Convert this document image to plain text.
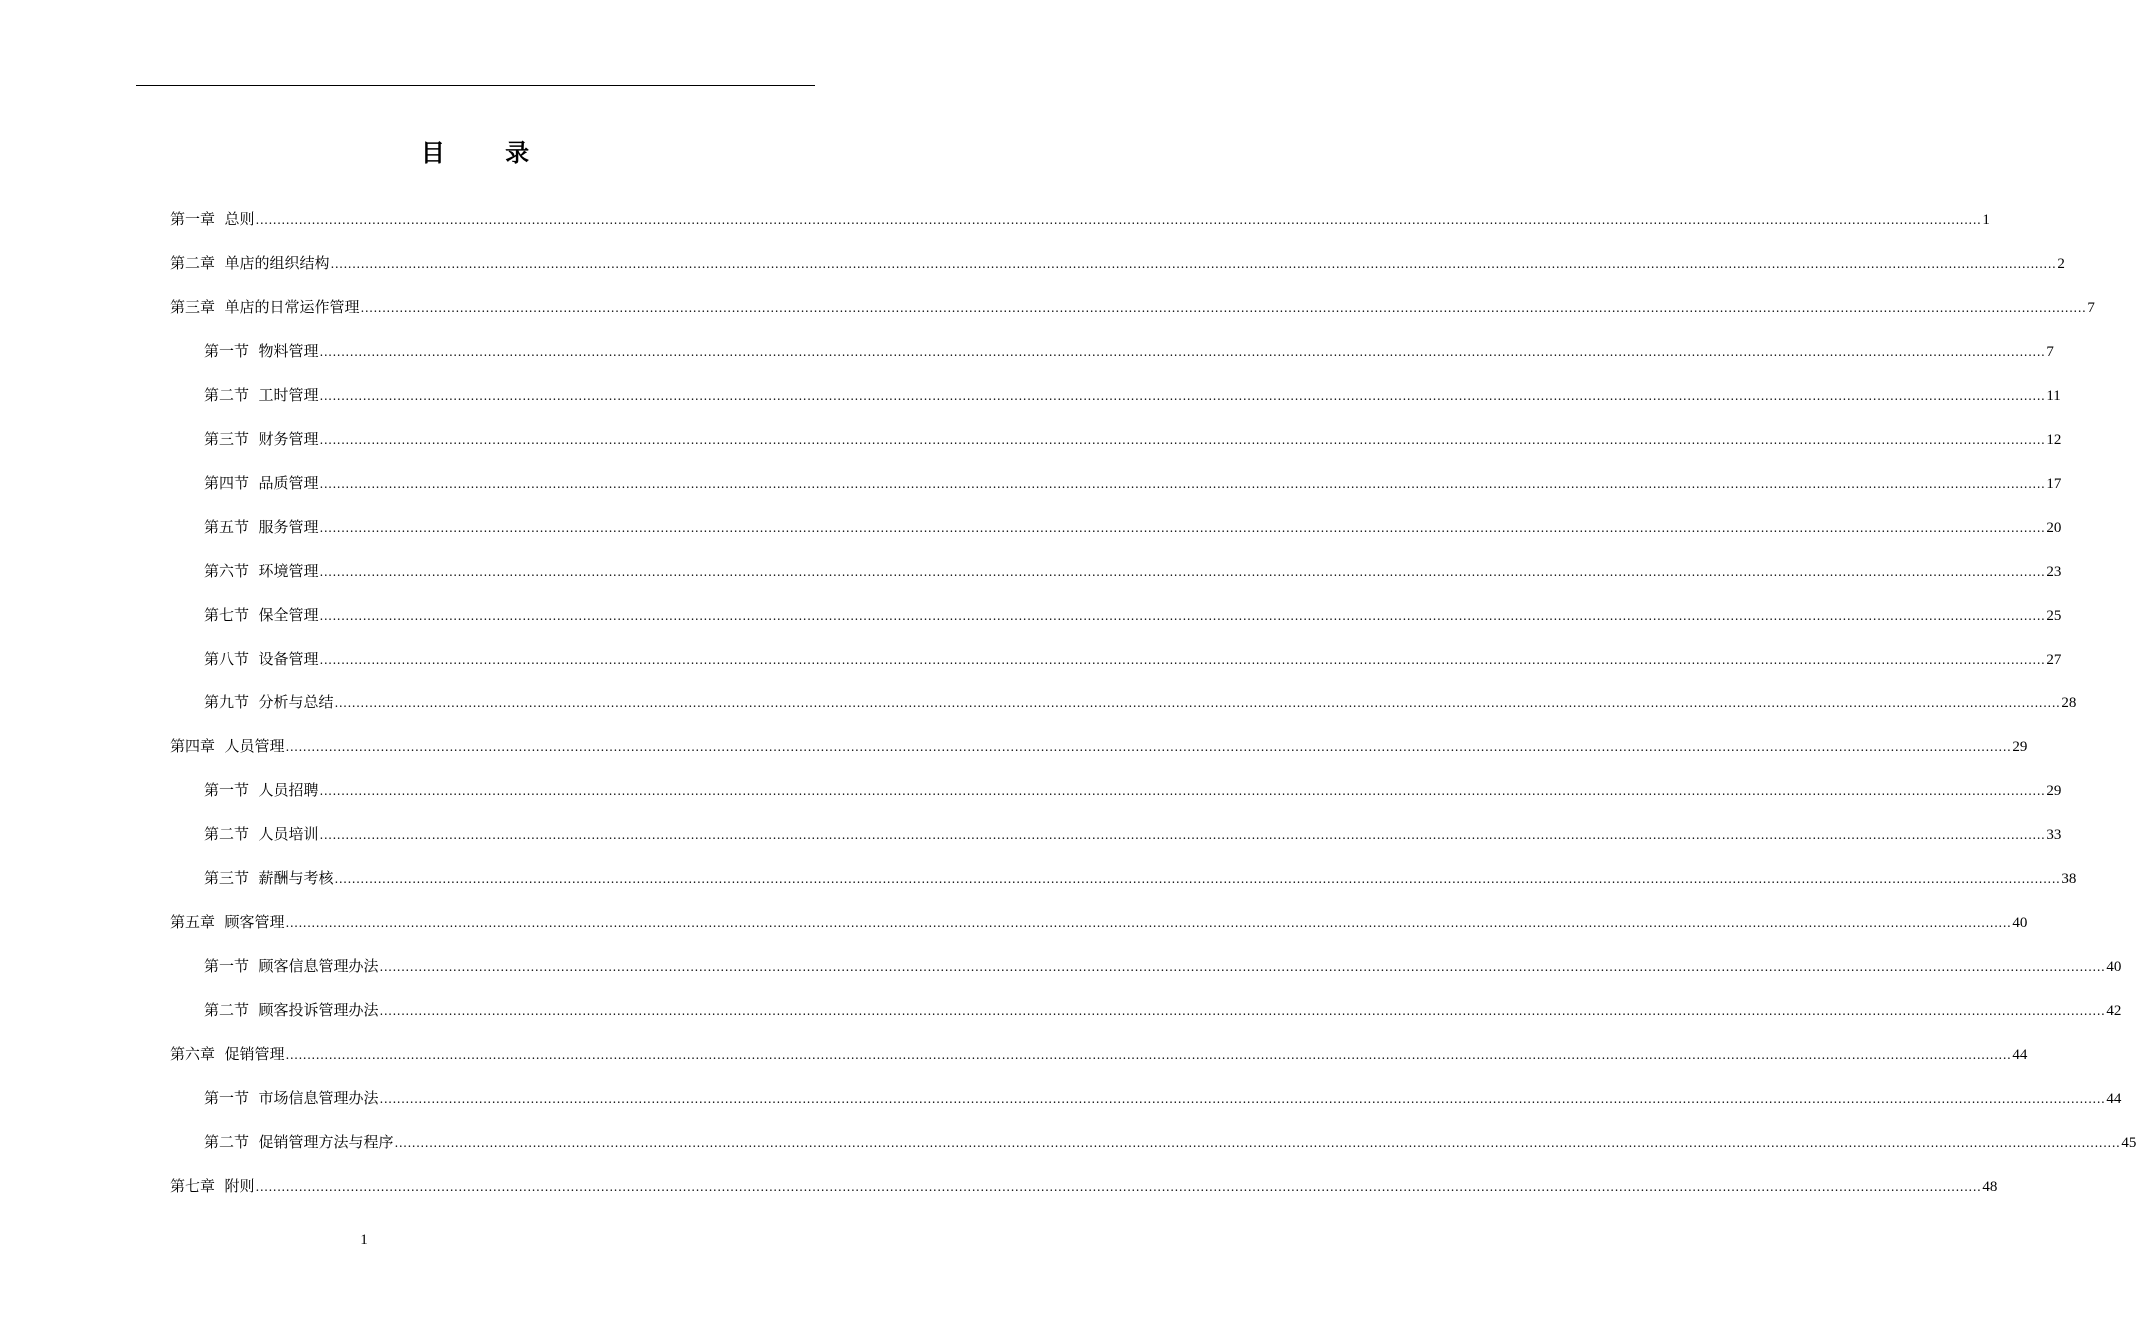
目 录
第一章  总则 ................................................................................................................................................................................................................................................................................................................................................................................................................ 1
第二章  单店的组织结构 ................................................................................................................................................................................................................................................................................................................................................................................................................ 2
第三章  单店的日常运作管理 ................................................................................................................................................................................................................................................................................................................................................................................................................ 7
第一节  物料管理 ................................................................................................................................................................................................................................................................................................................................................................................................................ 7
第二节  工时管理 ................................................................................................................................................................................................................................................................................................................................................................................................................ 11
第三节  财务管理 ................................................................................................................................................................................................................................................................................................................................................................................................................ 12
第四节  品质管理 ................................................................................................................................................................................................................................................................................................................................................................................................................ 17
第五节  服务管理 ................................................................................................................................................................................................................................................................................................................................................................................................................ 20
第六节  环境管理 ................................................................................................................................................................................................................................................................................................................................................................................................................ 23
第七节  保全管理 ................................................................................................................................................................................................................................................................................................................................................................................................................ 25
第八节  设备管理 ................................................................................................................................................................................................................................................................................................................................................................................................................ 27
第九节  分析与总结 ................................................................................................................................................................................................................................................................................................................................................................................................................ 28
第四章  人员管理 ................................................................................................................................................................................................................................................................................................................................................................................................................ 29
第一节  人员招聘 ................................................................................................................................................................................................................................................................................................................................................................................................................ 29
第二节  人员培训 ................................................................................................................................................................................................................................................................................................................................................................................................................ 33
第三节  薪酬与考核 ................................................................................................................................................................................................................................................................................................................................................................................................................ 38
第五章  顾客管理 ................................................................................................................................................................................................................................................................................................................................................................................................................ 40
第一节  顾客信息管理办法 ................................................................................................................................................................................................................................................................................................................................................................................................................ 40
第二节  顾客投诉管理办法 ................................................................................................................................................................................................................................................................................................................................................................................................................ 42
第六章  促销管理 ................................................................................................................................................................................................................................................................................................................................................................................................................ 44
第一节  市场信息管理办法 ................................................................................................................................................................................................................................................................................................................................................................................................................ 44
第二节  促销管理方法与程序 ................................................................................................................................................................................................................................................................................................................................................................................................................ 45
第七章  附则 ................................................................................................................................................................................................................................................................................................................................................................................................................ 48
1
